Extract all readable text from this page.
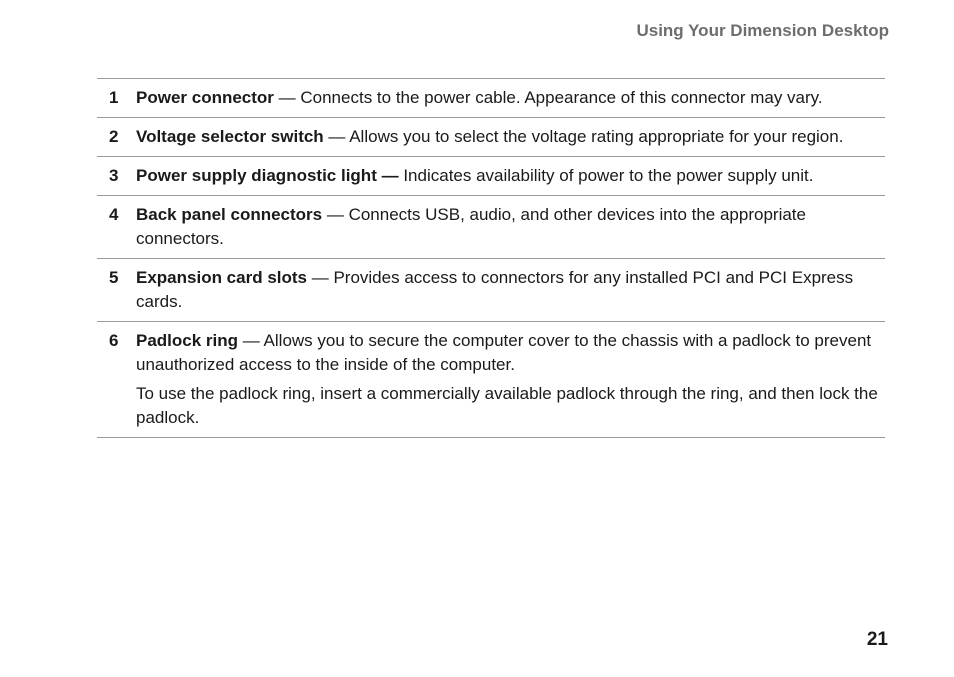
Using Your Dimension Desktop
1	Power connector — Connects to the power cable. Appearance of this connector may vary.

2	Voltage selector switch — Allows you to select the voltage rating appropriate for your region.

3	Power supply diagnostic light — Indicates availability of power to the power supply unit.

4	Back panel connectors — Connects USB, audio, and other devices into the appropriate connectors.

5	Expansion card slots — Provides access to connectors for any installed PCI and PCI Express cards.

6	Padlock ring — Allows you to secure the computer cover to the chassis with a padlock to prevent unauthorized access to the inside of the computer.

To use the padlock ring, insert a commercially available padlock through the ring, and then lock the padlock.

21
